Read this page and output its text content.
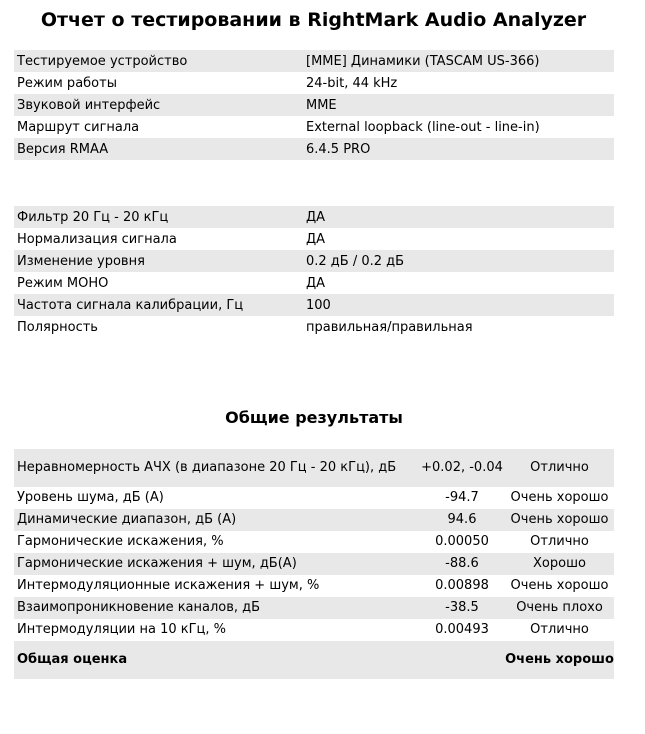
Отчет о тестировании в RightMark Audio Analyzer
Тестируемое устройство	[MME] Динамики (TASCAM US-366)
Режим работы	24-bit, 44 kHz
Звуковой интерфейс	MME
Маршрут сигнала	External loopback (line-out - line-in)
Версия RMAA	6.4.5 PRO
Фильтр 20 Гц - 20 кГц	ДА
Нормализация сигнала	ДА
Изменение уровня	0.2 дБ / 0.2 дБ
Режим МОНО	ДА
Частота сигнала калибрации, Гц	100
Полярность	правильная/правильная
Общие результаты
Неравномерность АЧХ (в диапазоне 20 Гц - 20 кГц), дБ	+0.02, -0.04	Отлично
Уровень шума, дБ (А)	-94.7	Очень хорошо
Динамические диапазон, дБ (А)	94.6	Очень хорошо
Гармонические искажения, %	0.00050	Отлично
Гармонические искажения + шум, дБ(А)	-88.6	Хорошо
Интермодуляционные искажения + шум, %	0.00898	Очень хорошо
Взаимопроникновение каналов, дБ	-38.5	Очень плохо
Интермодуляции на 10 кГц, %	0.00493	Отлично
Общая оценка		Очень хорошо
